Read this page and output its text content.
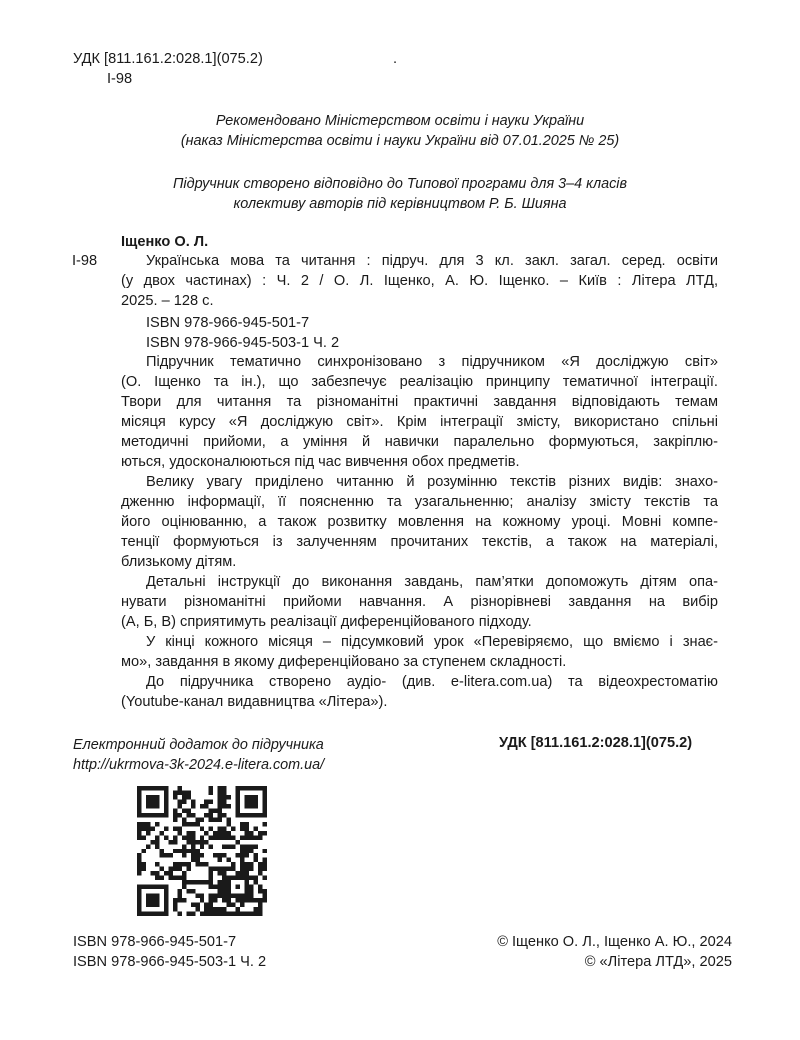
УДК [811.161.2:028.1](075.2)	.
І-98
Рекомендовано Міністерством освіти і науки України
(наказ Міністерства освіти і науки України від 07.01.2025 № 25)
Підручник створено відповідно до Типової програми для 3–4 класів
колективу авторів під керівництвом Р. Б. Шияна
Іщенко О. Л.
І-98	Українська мова та читання : підруч. для 3 кл. закл. загал. серед. освіти
(у двох частинах) : Ч. 2 / О. Л. Іщенко, А. Ю. Іщенко. – Київ : Літера ЛТД,
2025. – 128 с.
ISBN 978-966-945-501-7
ISBN 978-966-945-503-1 Ч. 2
Підручник тематично синхронізовано з підручником «Я досліджую світ»
(О. Іщенко та ін.), що забезпечує реалізацію принципу тематичної інтеграції.
Твори для читання та різноманітні практичні завдання відповідають темам
місяця курсу «Я досліджую світ». Крім інтеграції змісту, використано спільні
методичні прийоми, а уміння й навички паралельно формуються, закріплю-
ються, удосконалюються під час вивчення обох предметів.
Велику увагу приділено читанню й розумінню текстів різних видів: знахо-
дженню інформації, її поясненню та узагальненню; аналізу змісту текстів та
його оцінюванню, а також розвитку мовлення на кожному уроці. Мовні компе-
тенції формуються із залученням прочитаних текстів, а також на матеріалі,
близькому дітям.
Детальні інструкції до виконання завдань, пам’ятки допоможуть дітям опа-
нувати різноманітні прийоми навчання. А різнорівневі завдання на вибір
(А, Б, В) сприятимуть реалізації диференційованого підходу.
У кінці кожного місяця – підсумковий урок «Перевіряємо, що вміємо і знає-
мо», завдання в якому диференційовано за ступенем складності.
До підручника створено аудіо- (див. e-litera.com.ua) та відеохрестоматію
(Youtube-канал видавництва «Літера»).
Електронний додаток до підручника
http://ukrmova-3k-2024.e-litera.com.ua/
УДК [811.161.2:028.1](075.2)
ISBN 978-966-945-501-7
ISBN 978-966-945-503-1 Ч. 2
© Іщенко О. Л., Іщенко А. Ю., 2024
© «Літера ЛТД», 2025
